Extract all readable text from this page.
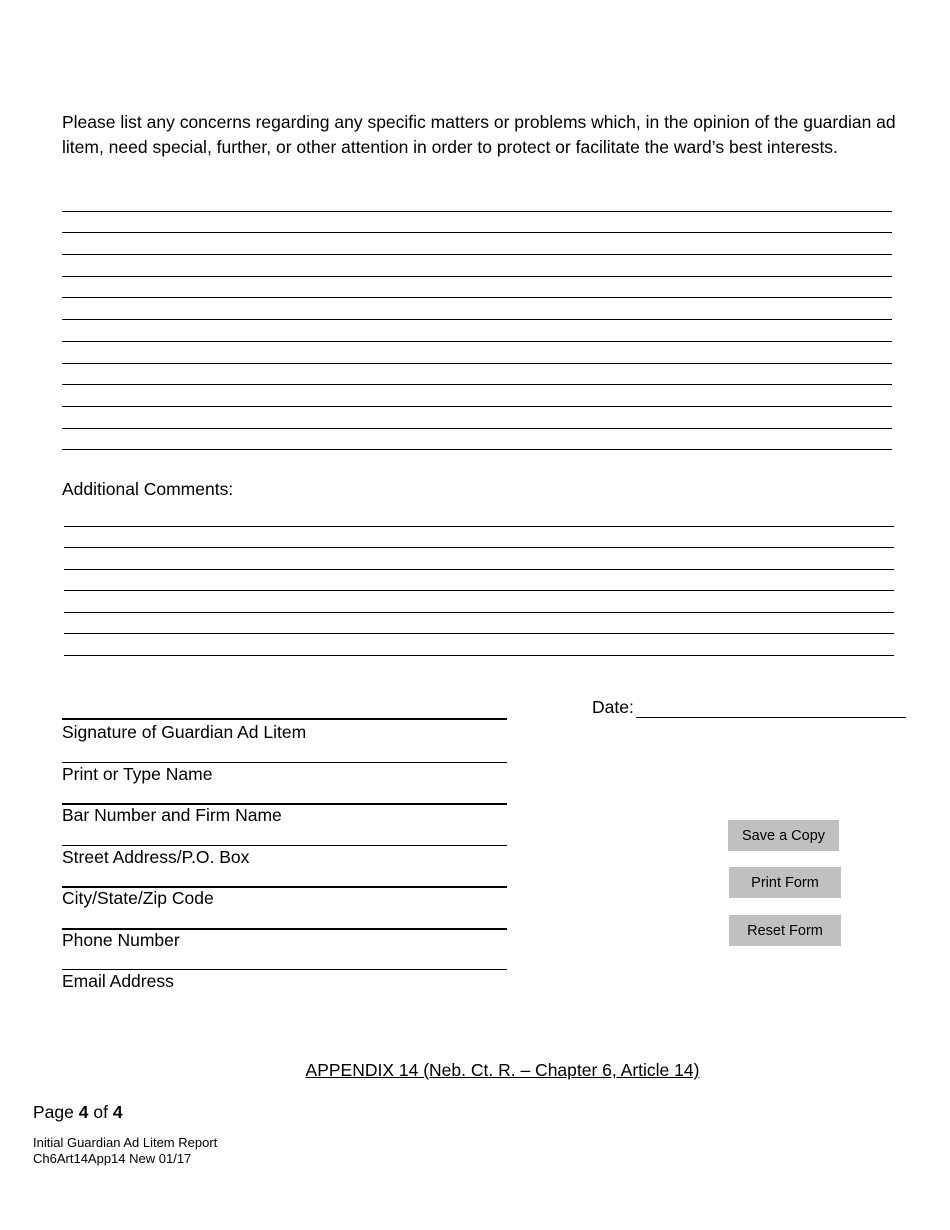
Please list any concerns regarding any specific matters or problems which, in the opinion of the guardian ad litem, need special, further, or other attention in order to protect or facilitate the ward’s best interests.
Additional Comments:
Signature of Guardian Ad Litem
Print or Type Name
Bar Number and Firm Name
Street Address/P.O. Box
City/State/Zip Code
Phone Number
Email Address
Date:
Save a Copy
Print Form
Reset Form
APPENDIX 14 (Neb. Ct. R. – Chapter 6, Article 14)
Page 4 of 4
Initial Guardian Ad Litem Report
Ch6Art14App14 New 01/17
